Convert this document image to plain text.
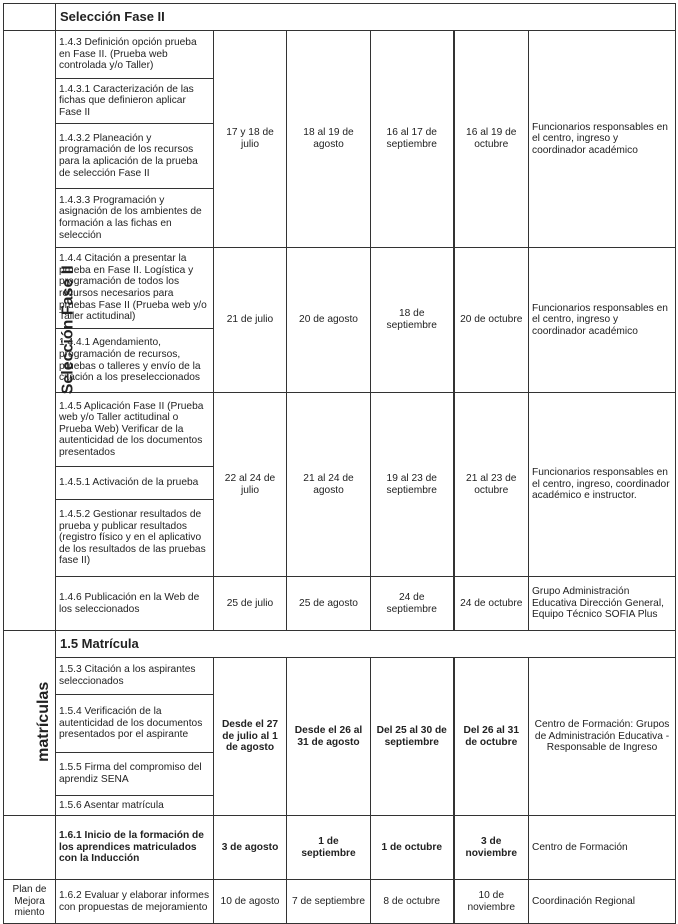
	Selección Fase II					
Selección Fase II	1.4.3 Definición opción prueba en Fase II. (Prueba web controlada y/o Taller)	17 y 18 de julio	18 al 19 de agosto	16 al 17 de septiembre	16 al 19 de octubre	Funcionarios responsables en el centro, ingreso y coordinador académico
	1.4.3.1 Caracterización de las fichas que definieron aplicar Fase II					
	1.4.3.2 Planeación y programación de los recursos para la aplicación de la prueba de selección Fase II					
	1.4.3.3 Programación y asignación de los ambientes de formación a las fichas en selección					
	1.4.4 Citación a presentar la prueba en Fase II. Logística y programación de todos los recursos necesarios para pruebas Fase II (Prueba web y/o Taller actitudinal)	21 de julio	20 de agosto	18 de septiembre	20 de octubre	Funcionarios responsables en el centro, ingreso y coordinador académico
	1.4.4.1 Agendamiento, programación de recursos, pruebas o talleres y envío de la citación a los preseleccionados					
	1.4.5 Aplicación Fase II (Prueba web y/o Taller actitudinal o Prueba Web) Verificar de la autenticidad de los documentos presentados	22 al 24 de julio	21 al 24 de agosto	19 al 23 de septiembre	21 al 23 de octubre	Funcionarios responsables en el centro, ingreso, coordinador académico e instructor.
	1.4.5.1 Activación de la prueba					
	1.4.5.2 Gestionar resultados de prueba y publicar resultados (registro físico y en el aplicativo de los resultados de las pruebas fase II)					
	1.4.6 Publicación en la Web de los seleccionados	25 de julio	25 de agosto	24 de septiembre	24 de octubre	Grupo Administración Educativa Dirección General, Equipo Técnico SOFIA Plus
matrículas	1.5 Matrícula					
	1.5.3 Citación a los aspirantes seleccionados	Desde el 27 de julio al 1 de agosto	Desde el 26 al 31 de agosto	Del 25 al 30 de septiembre	Del 26 al 31 de octubre	Centro de Formación: Grupos de Administración Educativa - Responsable de Ingreso
	1.5.4 Verificación de la autenticidad de los documentos presentados por el aspirante					
	1.5.5 Firma del compromiso del aprendiz SENA					
	1.5.6 Asentar matrícula					
	1.6.1 Inicio de la formación de los aprendices matriculados con la Inducción	3 de agosto	1 de septiembre	1 de octubre	3 de noviembre	Centro de Formación
Plan de Mejora miento	1.6.2 Evaluar y elaborar informes con propuestas de mejoramiento	10 de agosto	7 de septiembre	8 de octubre	10 de noviembre	Coordinación Regional
